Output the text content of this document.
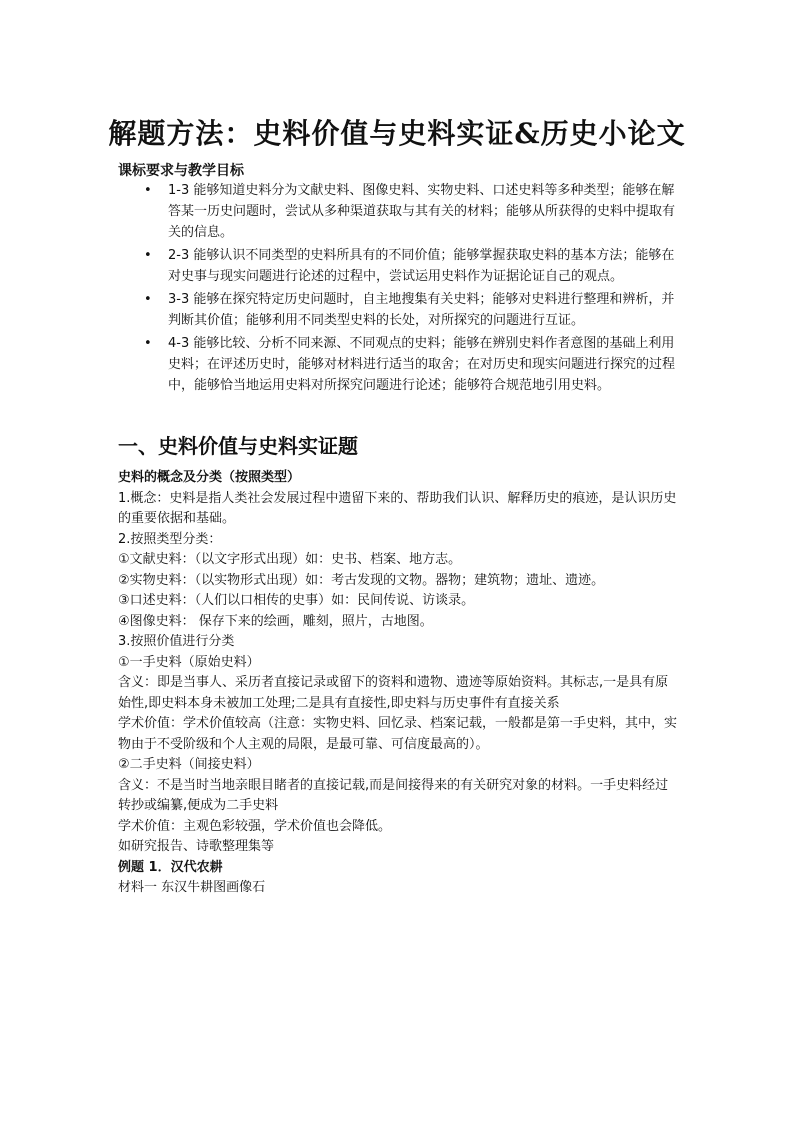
解题方法：史料价值与史料实证&历史小论文
课标要求与教学目标
• 1-3 能够知道史料分为文献史料、图像史料、实物史料、口述史料等多种类型；能够在解答某一历史问题时，尝试从多种渠道获取与其有关的材料；能够从所获得的史料中提取有关的信息。
• 2-3 能够认识不同类型的史料所具有的不同价值；能够掌握获取史料的基本方法；能够在对史事与现实问题进行论述的过程中，尝试运用史料作为证据论证自己的观点。
• 3-3 能够在探究特定历史问题时，自主地搜集有关史料；能够对史料进行整理和辨析，并判断其价值；能够利用不同类型史料的长处，对所探究的问题进行互证。
• 4-3 能够比较、分析不同来源、不同观点的史料；能够在辨别史料作者意图的基础上利用史料；在评述历史时，能够对材料进行适当的取舍；在对历史和现实问题进行探究的过程中，能够恰当地运用史料对所探究问题进行论述；能够符合规范地引用史料。
一、史料价值与史料实证题

史料的概念及分类（按照类型）

1.概念：史料是指人类社会发展过程中遗留下来的、帮助我们认识、解释历史的痕迹，是认识历史的重要依据和基础。

2.按照类型分类：

①文献史料：（以文字形式出现）如：史书、档案、地方志。

②实物史料：（以实物形式出现）如：考古发现的文物。器物；建筑物；遗址、遗迹。

③口述史料：（人们以口相传的史事）如：民间传说、访谈录。

④图像史料： 保存下来的绘画，雕刻，照片，古地图。

3.按照价值进行分类

①一手史料（原始史料）

含义：即是当事人、采历者直接记录或留下的资料和遗物、遗迹等原始资料。其标志,一是具有原始性,即史料本身未被加工处理;二是具有直接性,即史料与历史事件有直接关系

学术价值：学术价值较高（注意：实物史料、回忆录、档案记载，一般都是第一手史料，其中，实物由于不受阶级和个人主观的局限，是最可靠、可信度最高的）。

②二手史料（间接史料）

含义：不是当时当地亲眼目睹者的直接记载,而是间接得来的有关研究对象的材料。一手史料经过转抄或编纂,便成为二手史料

学术价值：主观色彩较强，学术价值也会降低。

如研究报告、诗歌整理集等

例题 1．汉代农耕

材料一 东汉牛耕图画像石
